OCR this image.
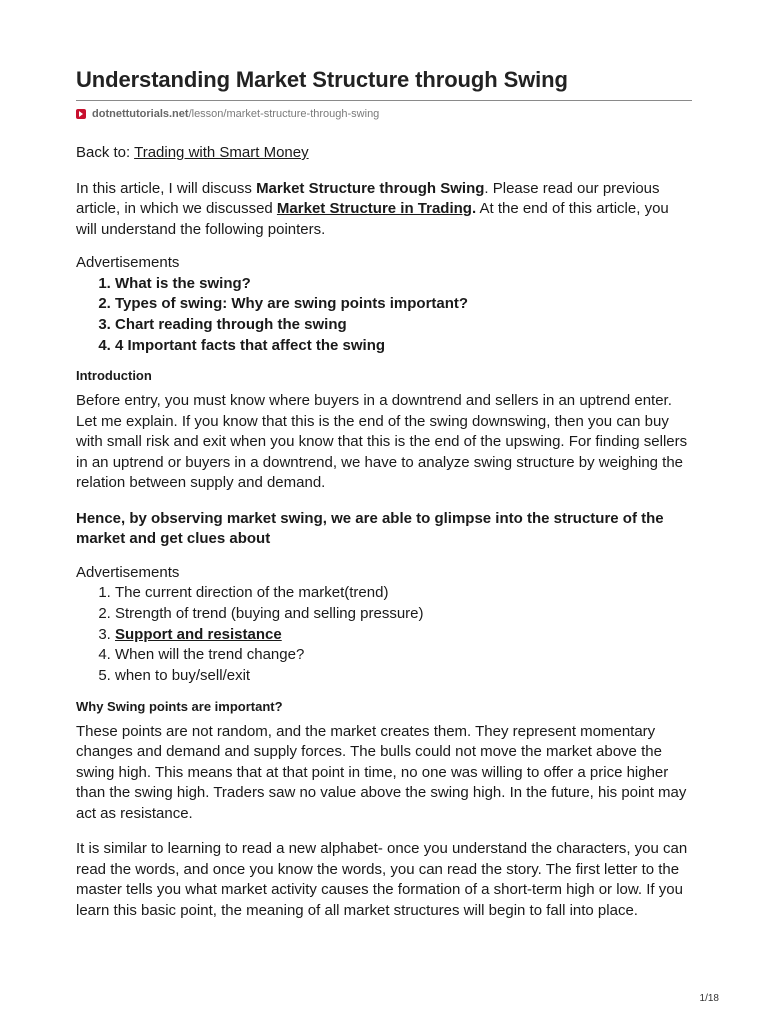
Understanding Market Structure through Swing
dotnettutorials.net /lesson/market-structure-through-swing

Back to: Trading with Smart Money

In this article, I will discuss Market Structure through Swing. Please read our previous article, in which we discussed Market Structure in Trading. At the end of this article, you will understand the following pointers.

Advertisements
1. What is the swing?
2. Types of swing: Why are swing points important?
3. Chart reading through the swing
4. 4 Important facts that affect the swing
Introduction

Before entry, you must know where buyers in a downtrend and sellers in an uptrend enter. Let me explain. If you know that this is the end of the swing downswing, then you can buy with small risk and exit when you know that this is the end of the upswing. For finding sellers in an uptrend or buyers in a downtrend, we have to analyze swing structure by weighing the relation between supply and demand.

Hence, by observing market swing, we are able to glimpse into the structure of the market and get clues about

Advertisements
1. The current direction of the market(trend)
2. Strength of trend (buying and selling pressure)
3. Support and resistance
4. When will the trend change?
5. when to buy/sell/exit
Why Swing points are important?

These points are not random, and the market creates them. They represent momentary changes and demand and supply forces. The bulls could not move the market above the swing high. This means that at that point in time, no one was willing to offer a price higher than the swing high. Traders saw no value above the swing high. In the future, his point may act as resistance.

It is similar to learning to read a new alphabet- once you understand the characters, you can read the words, and once you know the words, you can read the story. The first letter to the master tells you what market activity causes the formation of a short-term high or low. If you learn this basic point, the meaning of all market structures will begin to fall into place.

1/18
